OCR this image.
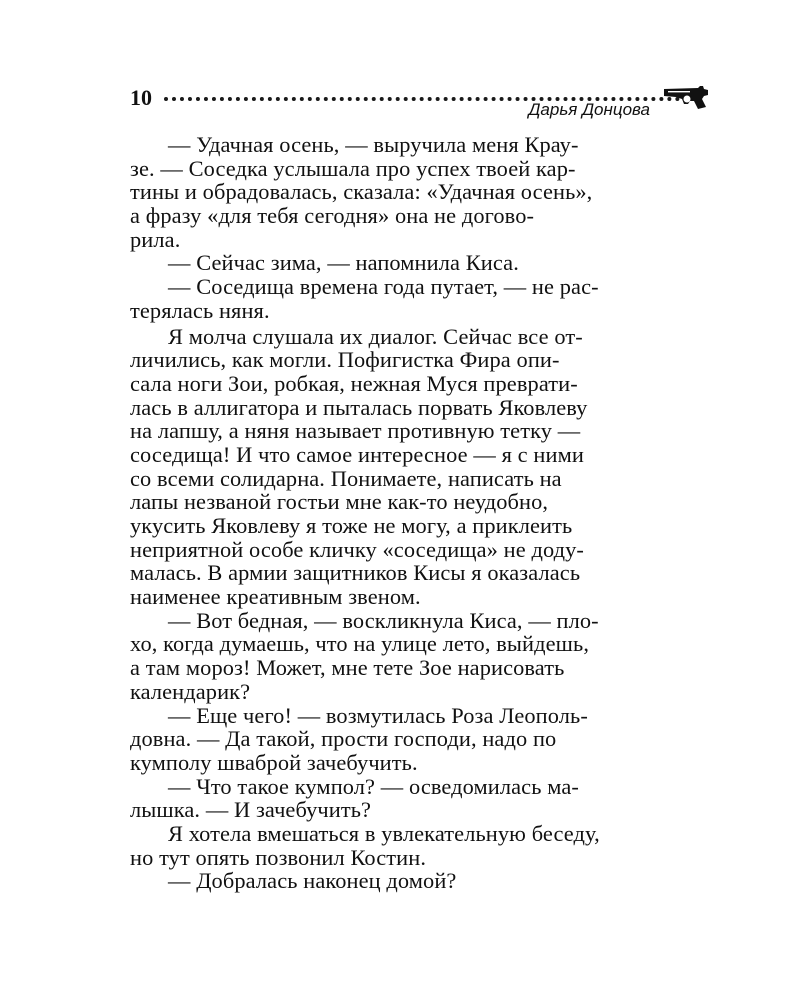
10	Дарья Донцова
— Удачная осень, — выручила меня Крау-
зе. — Соседка услышала про успех твоей кар-
тины и обрадовалась, сказала: «Удачная осень»,
а фразу «для тебя сегодня» она не догово-
рила.
— Сейчас зима, — напомнила Киса.
— Соседища времена года путает, — не рас-
терялась няня.
Я молча слушала их диалог. Сейчас все от-
личились, как могли. Пофигистка Фира опи-
сала ноги Зои, робкая, нежная Муся преврати-
лась в аллигатора и пыталась порвать Яковлеву
на лапшу, а няня называет противную тетку —
соседища! И что самое интересное — я с ними
со всеми солидарна. Понимаете, написать на
лапы незваной гостьи мне как-то неудобно,
укусить Яковлеву я тоже не могу, а приклеить
неприятной особе кличку «соседища» не доду-
малась. В армии защитников Кисы я оказалась
наименее креативным звеном.
— Вот бедная, — воскликнула Киса, — пло-
хо, когда думаешь, что на улице лето, выйдешь,
а там мороз! Может, мне тете Зое нарисовать
календарик?
— Еще чего! — возмутилась Роза Леополь-
довна. — Да такой, прости господи, надо по
кумполу шваброй зачебучить.
— Что такое кумпол? — осведомилась ма-
лышка. — И зачебучить?
Я хотела вмешаться в увлекательную беседу,
но тут опять позвонил Костин.
— Добралась наконец домой?
